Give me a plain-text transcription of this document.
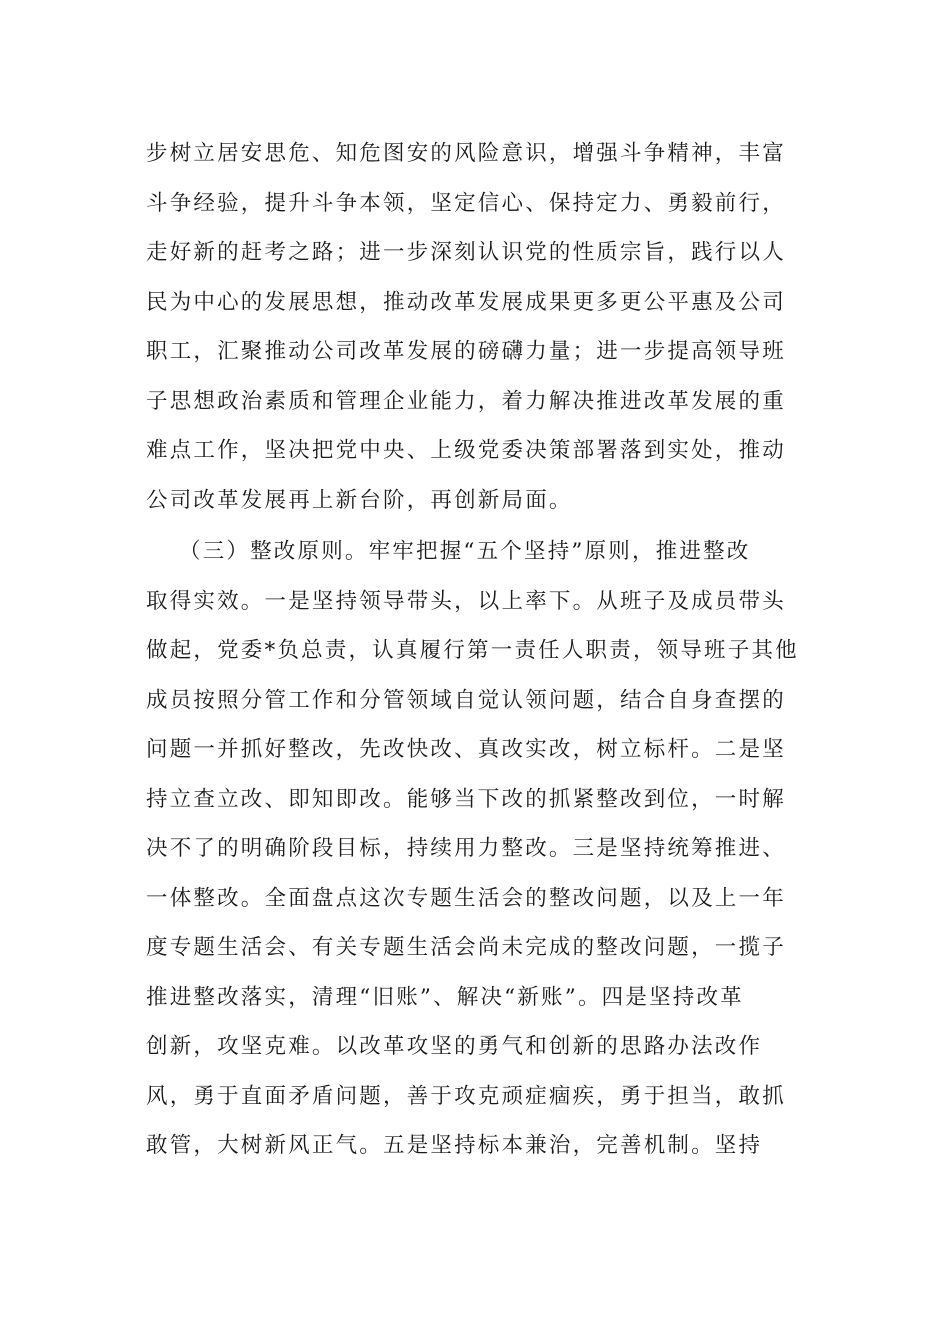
步树立居安思危、知危图安的风险意识，增强斗争精神，丰富
斗争经验，提升斗争本领，坚定信心、保持定力、勇毅前行，
走好新的赶考之路；进一步深刻认识党的性质宗旨，践行以人
民为中心的发展思想，推动改革发展成果更多更公平惠及公司
职工，汇聚推动公司改革发展的磅礴力量；进一步提高领导班
子思想政治素质和管理企业能力，着力解决推进改革发展的重
难点工作，坚决把党中央、上级党委决策部署落到实处，推动
公司改革发展再上新台阶，再创新局面。
（三）整改原则。牢牢把握“五个坚持”原则，推进整改
取得实效。一是坚持领导带头，以上率下。从班子及成员带头
做起，党委*负总责，认真履行第一责任人职责，领导班子其他
成员按照分管工作和分管领域自觉认领问题，结合自身查摆的
问题一并抓好整改，先改快改、真改实改，树立标杆。二是坚
持立查立改、即知即改。能够当下改的抓紧整改到位，一时解
决不了的明确阶段目标，持续用力整改。三是坚持统筹推进、
一体整改。全面盘点这次专题生活会的整改问题，以及上一年
度专题生活会、有关专题生活会尚未完成的整改问题，一揽子
推进整改落实，清理“旧账”、解决“新账”。四是坚持改革
创新，攻坚克难。以改革攻坚的勇气和创新的思路办法改作
风，勇于直面矛盾问题，善于攻克顽症痼疾，勇于担当，敢抓
敢管，大树新风正气。五是坚持标本兼治，完善机制。坚持
